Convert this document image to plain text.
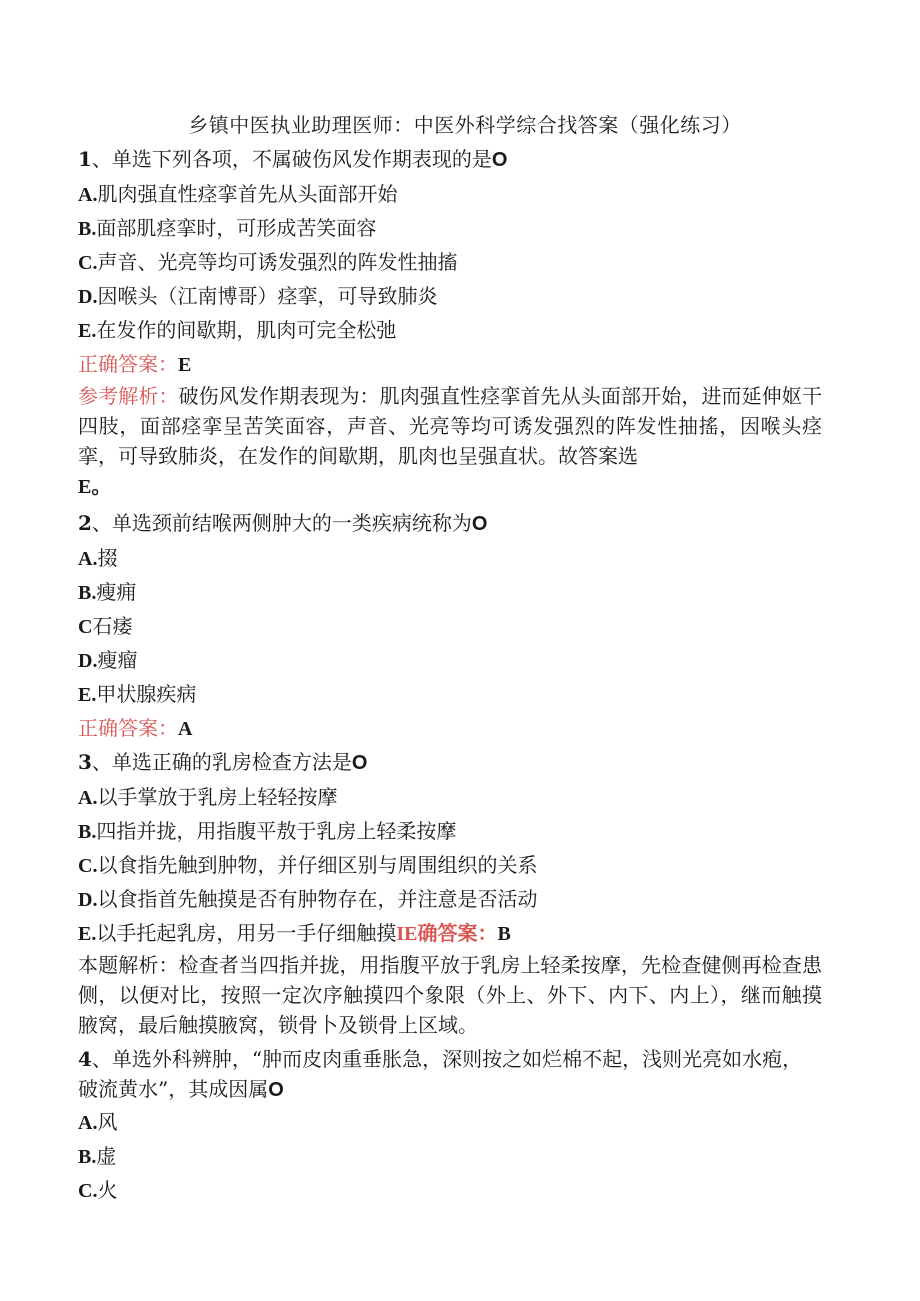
乡镇中医执业助理医师：中医外科学综合找答案（强化练习）

1、单选下列各项，不属破伤风发作期表现的是O

A.肌肉强直性痉挛首先从头面部开始

B.面部肌痉挛时，可形成苦笑面容

C.声音、光亮等均可诱发强烈的阵发性抽搐

D.因喉头（江南博哥）痉挛，可导致肺炎

E.在发作的间歇期，肌肉可完全松弛

正确答案：E

参考解析：破伤风发作期表现为：肌肉强直性痉挛首先从头面部开始，进而延伸妪干四肢，面部痉挛呈苦笑面容，声音、光亮等均可诱发强烈的阵发性抽搖，因喉头痉挛，可导致肺炎，在发作的间歇期，肌肉也呈强直状。故答案选
E。

2、单选颈前结喉两侧肿大的一类疾病统称为O

A.掇

B.瘦痈

C石痿

D.瘦瘤

E.甲状腺疾病

正确答案：A

3、单选正确的乳房检查方法是O

A.以手掌放于乳房上轻轻按摩

B.四指并拢，用指腹平敖于乳房上轻柔按摩

C.以食指先触到肿物，并仔细区别与周围组织的关系

D.以食指首先触摸是否有肿物存在，并注意是否活动

E.以手托起乳房，用另一手仔细触摸IE确答案：B

本题解析：检查者当四指并拢，用指腹平放于乳房上轻柔按摩，先检查健侧再检查患侧，以便对比，按照一定次序触摸四个象限（外上、外下、内下、内上），继而触摸腋窝，最后触摸腋窝，锁骨卜及锁骨上区域。

4、单选外科辨肿，“肿而皮肉重垂胀急，深则按之如烂棉不起，浅则光亮如水疱，破流黄水”，其成因属O

A.风

B.虚

C.火
